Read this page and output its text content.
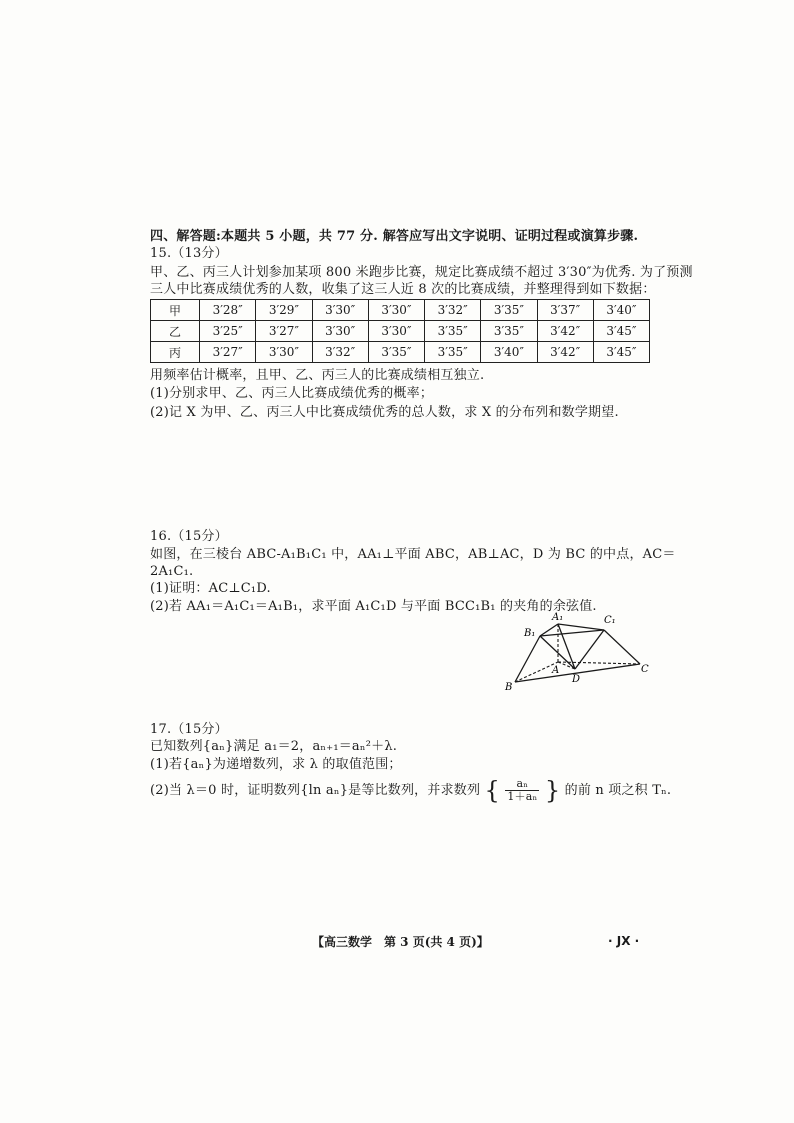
四、解答题:本题共 5 小题，共 77 分. 解答应写出文字说明、证明过程或演算步骤.
15.（13分）
甲、乙、丙三人计划参加某项 800 米跑步比赛，规定比赛成绩不超过 3′30″为优秀. 为了预测
三人中比赛成绩优秀的人数，收集了这三人近 8 次的比赛成绩，并整理得到如下数据：
甲	3′28″	3′29″	3′30″	3′30″	3′32″	3′35″	3′37″	3′40″
乙	3′25″	3′27″	3′30″	3′30″	3′35″	3′35″	3′42″	3′45″
丙	3′27″	3′30″	3′32″	3′35″	3′35″	3′40″	3′42″	3′45″
用频率估计概率，且甲、乙、丙三人的比赛成绩相互独立.
(1)分别求甲、乙、丙三人比赛成绩优秀的概率；
(2)记 X 为甲、乙、丙三人中比赛成绩优秀的总人数，求 X 的分布列和数学期望.
16.（15分）
如图，在三棱台 ABC-A₁B₁C₁ 中，AA₁⊥平面 ABC，AB⊥AC，D 为 BC 的中点，AC＝
2A₁C₁.
(1)证明：AC⊥C₁D.
(2)若 AA₁＝A₁C₁＝A₁B₁，求平面 A₁C₁D 与平面 BCC₁B₁ 的夹角的余弦值.
A₁
B₁
C₁
A
B
C
D
17.（15分）
已知数列{aₙ}满足 a₁＝2，aₙ₊₁＝aₙ²＋λ.
(1)若{aₙ}为递增数列，求 λ 的取值范围；
(2)当 λ＝0 时，证明数列{ln aₙ}是等比数列，并求数列 { $\frac{\text{aₙ}}{\text{1＋aₙ}}$ } 的前 n 项之积 Tₙ.
【高三数学　第 3 页(共 4 页)】	· JX ·
